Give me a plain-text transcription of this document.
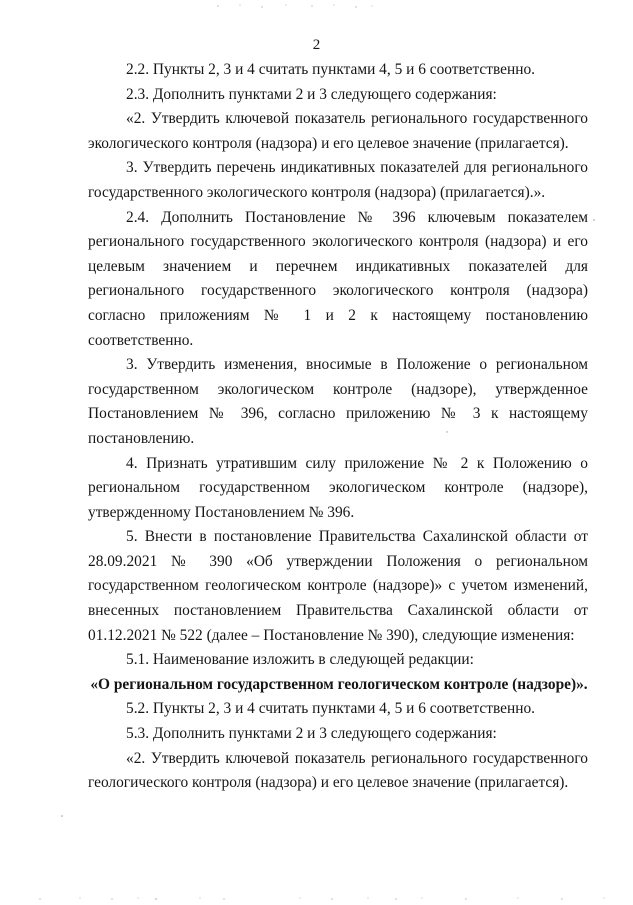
2

2.2. Пункты 2, 3 и 4 считать пунктами 4, 5 и 6 соответственно.

2.3. Дополнить пунктами 2 и 3 следующего содержания:

«2. Утвердить ключевой показатель регионального государственного экологического контроля (надзора) и его целевое значение (прилагается).

3. Утвердить перечень индикативных показателей для регионального государственного экологического контроля (надзора) (прилагается).».

2.4. Дополнить Постановление № 396 ключевым показателем регионального государственного экологического контроля (надзора) и его целевым значением и перечнем индикативных показателей для регионального государственного экологического контроля (надзора) согласно приложениям № 1 и 2 к настоящему постановлению соответственно.

3. Утвердить изменения, вносимые в Положение о региональном государственном экологическом контроле (надзоре), утвержденное Постановлением № 396, согласно приложению № 3 к настоящему постановлению.

4. Признать утратившим силу приложение № 2 к Положению о региональном государственном экологическом контроле (надзоре), утвержденному Постановлением № 396.

5. Внести в постановление Правительства Сахалинской области от 28.09.2021 № 390 «Об утверждении Положения о региональном государственном геологическом контроле (надзоре)» с учетом изменений, внесенных постановлением Правительства Сахалинской области от 01.12.2021 № 522 (далее – Постановление № 390), следующие изменения:

5.1. Наименование изложить в следующей редакции:

«О региональном государственном геологическом контроле (надзоре)».

5.2. Пункты 2, 3 и 4 считать пунктами 4, 5 и 6 соответственно.

5.3. Дополнить пунктами 2 и 3 следующего содержания:

«2. Утвердить ключевой показатель регионального государственного геологического контроля (надзора) и его целевое значение (прилагается).
